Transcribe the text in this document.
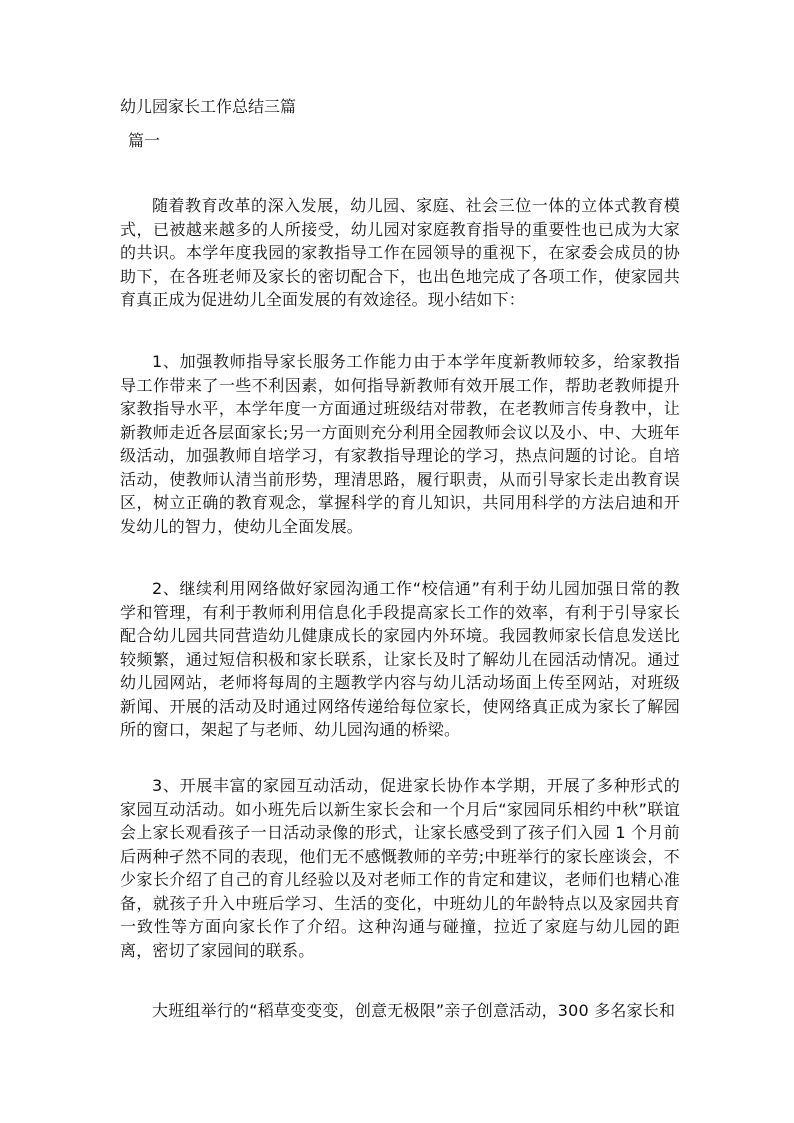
幼儿园家长工作总结三篇
篇一

随着教育改革的深入发展，幼儿园、家庭、社会三位一体的立体式教育模式，已被越来越多的人所接受，幼儿园对家庭教育指导的重要性也已成为大家的共识。本学年度我园的家教指导工作在园领导的重视下，在家委会成员的协助下，在各班老师及家长的密切配合下，也出色地完成了各项工作，使家园共育真正成为促进幼儿全面发展的有效途径。现小结如下：

1、加强教师指导家长服务工作能力由于本学年度新教师较多，给家教指导工作带来了一些不利因素，如何指导新教师有效开展工作，帮助老教师提升家教指导水平，本学年度一方面通过班级结对带教，在老教师言传身教中，让新教师走近各层面家长;另一方面则充分利用全园教师会议以及小、中、大班年级活动，加强教师自培学习，有家教指导理论的学习，热点问题的讨论。自培活动，使教师认清当前形势，理清思路，履行职责，从而引导家长走出教育误区，树立正确的教育观念，掌握科学的育儿知识，共同用科学的方法启迪和开发幼儿的智力，使幼儿全面发展。

2、继续利用网络做好家园沟通工作“校信通”有利于幼儿园加强日常的教学和管理，有利于教师利用信息化手段提高家长工作的效率，有利于引导家长配合幼儿园共同营造幼儿健康成长的家园内外环境。我园教师家长信息发送比较频繁，通过短信积极和家长联系，让家长及时了解幼儿在园活动情况。通过幼儿园网站，老师将每周的主题教学内容与幼儿活动场面上传至网站，对班级新闻、开展的活动及时通过网络传递给每位家长，使网络真正成为家长了解园所的窗口，架起了与老师、幼儿园沟通的桥梁。

3、开展丰富的家园互动活动，促进家长协作本学期，开展了多种形式的家园互动活动。如小班先后以新生家长会和一个月后“家园同乐相约中秋”联谊会上家长观看孩子一日活动录像的形式，让家长感受到了孩子们入园 1 个月前后两种孑然不同的表现，他们无不感慨教师的辛劳;中班举行的家长座谈会，不少家长介绍了自己的育儿经验以及对老师工作的肯定和建议，老师们也精心准备，就孩子升入中班后学习、生活的变化，中班幼儿的年龄特点以及家园共育一致性等方面向家长作了介绍。这种沟通与碰撞，拉近了家庭与幼儿园的距离，密切了家园间的联系。

大班组举行的“稻草变变变，创意无极限”亲子创意活动，300 多名家长和
